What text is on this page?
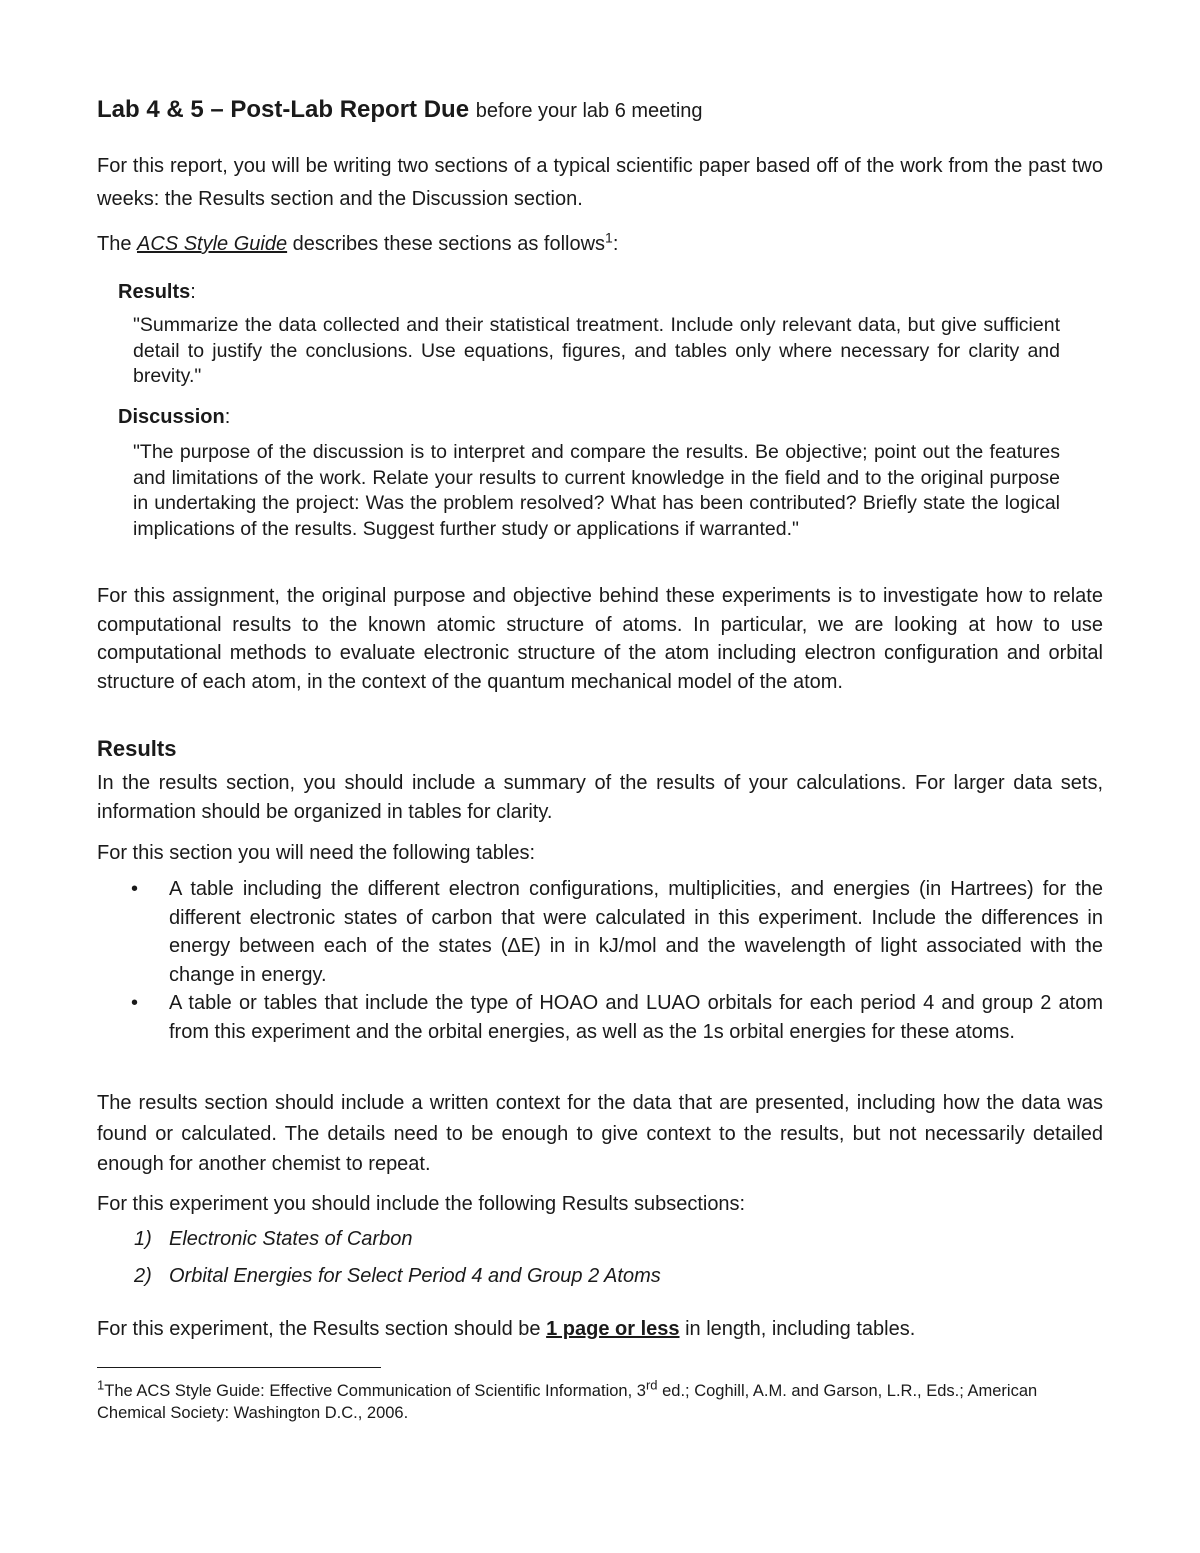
Lab 4 & 5 – Post-Lab Report Due before your lab 6 meeting

For this report, you will be writing two sections of a typical scientific paper based off of the work from the past two weeks: the Results section and the Discussion section.

The ACS Style Guide describes these sections as follows$^1$:

Results:

"Summarize the data collected and their statistical treatment. Include only relevant data, but give sufficient detail to justify the conclusions. Use equations, figures, and tables only where necessary for clarity and brevity."

Discussion:

"The purpose of the discussion is to interpret and compare the results. Be objective; point out the features and limitations of the work. Relate your results to current knowledge in the field and to the original purpose in undertaking the project: Was the problem resolved? What has been contributed? Briefly state the logical implications of the results. Suggest further study or applications if warranted."

For this assignment, the original purpose and objective behind these experiments is to investigate how to relate computational results to the known atomic structure of atoms. In particular, we are looking at how to use computational methods to evaluate electronic structure of the atom including electron configuration and orbital structure of each atom, in the context of the quantum mechanical model of the atom.

Results

In the results section, you should include a summary of the results of your calculations. For larger data sets, information should be organized in tables for clarity.

For this section you will need the following tables:

• A table including the different electron configurations, multiplicities, and energies (in Hartrees) for the different electronic states of carbon that were calculated in this experiment. Include the differences in energy between each of the states (ΔE) in in kJ/mol and the wavelength of light associated with the change in energy.
• A table or tables that include the type of HOAO and LUAO orbitals for each period 4 and group 2 atom from this experiment and the orbital energies, as well as the 1s orbital energies for these atoms.

The results section should include a written context for the data that are presented, including how the data was found or calculated. The details need to be enough to give context to the results, but not necessarily detailed enough for another chemist to repeat.

For this experiment you should include the following Results subsections:

1) Electronic States of Carbon
2) Orbital Energies for Select Period 4 and Group 2 Atoms

For this experiment, the Results section should be 1 page or less in length, including tables.

$^1$The ACS Style Guide: Effective Communication of Scientific Information, 3rd ed.; Coghill, A.M. and Garson, L.R., Eds.; American Chemical Society: Washington D.C., 2006.
